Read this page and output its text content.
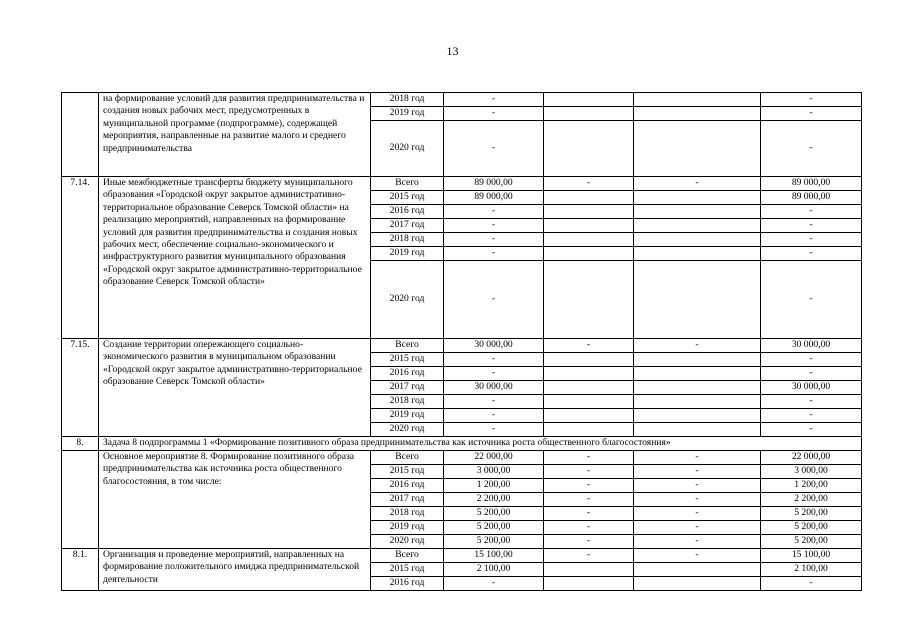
13
	на формирование условий для развития предпринимательства и создания новых рабочих мест, предусмотренных в муниципальной программе (подпрограмме), содержащей мероприятия, направленные на развитие малого и среднего предпринимательства	2018 год	-			-
		2019 год	-			-
		2020 год	-			-
7.14.	Иные межбюджетные трансферты бюджету муниципального образования «Городской округ закрытое административно-территориальное образование Северск Томской области» на реализацию мероприятий, направленных на формирование условий для развития предпринимательства и создания новых рабочих мест, обеспечение социально-экономического и инфраструктурного развития муниципального образования «Городской округ закрытое административно-территориальное образование Северск Томской области»	Всего	89 000,00	-	-	89 000,00
		2015 год	89 000,00			89 000,00
		2016 год	-			-
		2017 год	-			-
		2018 год	-			-
		2019 год	-			-
		2020 год	-			-
7.15.	Создание территории опережающего социально-экономического развития в муниципальном образовании «Городской округ закрытое административно-территориальное образование Северск Томской области»	Всего	30 000,00	-	-	30 000,00
		2015 год	-			-
		2016 год	-			-
		2017 год	30 000,00			30 000,00
		2018 год	-			-
		2019 год	-			-
		2020 год	-			-
8.	Задача 8 подпрограммы 1 «Формирование позитивного образа предпринимательства как источника роста общественного благосостояния»					
	Основное мероприятие 8. Формирование позитивного образа предпринимательства как источника роста общественного благосостояния, в том числе:	Всего	22 000,00	-	-	22 000,00
		2015 год	3 000,00	-	-	3 000,00
		2016 год	1 200,00	-	-	1 200,00
		2017 год	2 200,00	-	-	2 200,00
		2018 год	5 200,00	-	-	5 200,00
		2019 год	5 200,00	-	-	5 200,00
		2020 год	5 200,00	-	-	5 200,00
8.1.	Организация и проведение мероприятий, направленных на формирование положительного имиджа предпринимательской деятельности	Всего	15 100,00	-	-	15 100,00
		2015 год	2 100,00			2 100,00
		2016 год	-			-
